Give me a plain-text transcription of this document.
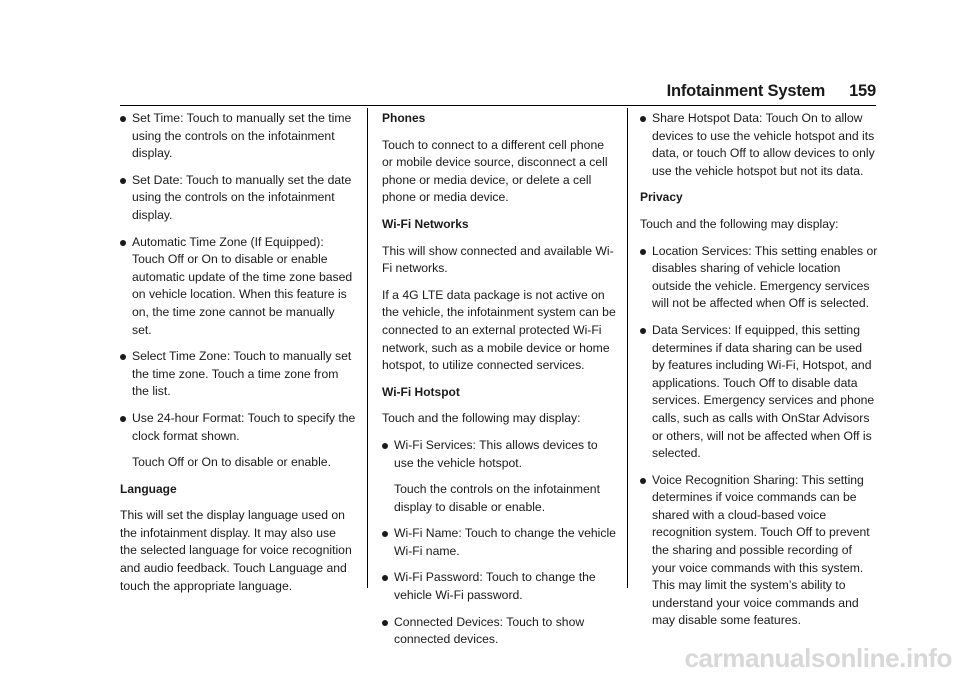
Infotainment System 159
Set Time: Touch to manually set the time using the controls on the infotainment display.
Set Date: Touch to manually set the date using the controls on the infotainment display.
Automatic Time Zone (If Equipped): Touch Off or On to disable or enable automatic update of the time zone based on vehicle location. When this feature is on, the time zone cannot be manually set.
Select Time Zone: Touch to manually set the time zone. Touch a time zone from the list.
Use 24-hour Format: Touch to specify the clock format shown.

Touch Off or On to disable or enable.

Language

This will set the display language used on the infotainment display. It may also use the selected language for voice recognition and audio feedback. Touch Language and touch the appropriate language.

Phones

Touch to connect to a different cell phone or mobile device source, disconnect a cell phone or media device, or delete a cell phone or media device.

Wi-Fi Networks

This will show connected and available Wi-Fi networks.

If a 4G LTE data package is not active on the vehicle, the infotainment system can be connected to an external protected Wi-Fi network, such as a mobile device or home hotspot, to utilize connected services.

Wi-Fi Hotspot

Touch and the following may display:

Wi-Fi Services: This allows devices to use the vehicle hotspot.

Touch the controls on the infotainment display to disable or enable.

Wi-Fi Name: Touch to change the vehicle Wi-Fi name.
Wi-Fi Password: Touch to change the vehicle Wi-Fi password.
Connected Devices: Touch to show connected devices.
Share Hotspot Data: Touch On to allow devices to use the vehicle hotspot and its data, or touch Off to allow devices to only use the vehicle hotspot but not its data.

Privacy

Touch and the following may display:

Location Services: This setting enables or disables sharing of vehicle location outside the vehicle. Emergency services will not be affected when Off is selected.
Data Services: If equipped, this setting determines if data sharing can be used by features including Wi-Fi, Hotspot, and applications. Touch Off to disable data services. Emergency services and phone calls, such as calls with OnStar Advisors or others, will not be affected when Off is selected.
Voice Recognition Sharing: This setting determines if voice commands can be shared with a cloud-based voice recognition system. Touch Off to prevent the sharing and possible recording of your voice commands with this system. This may limit the system’s ability to understand your voice commands and may disable some features.
carmanualsonline.info
